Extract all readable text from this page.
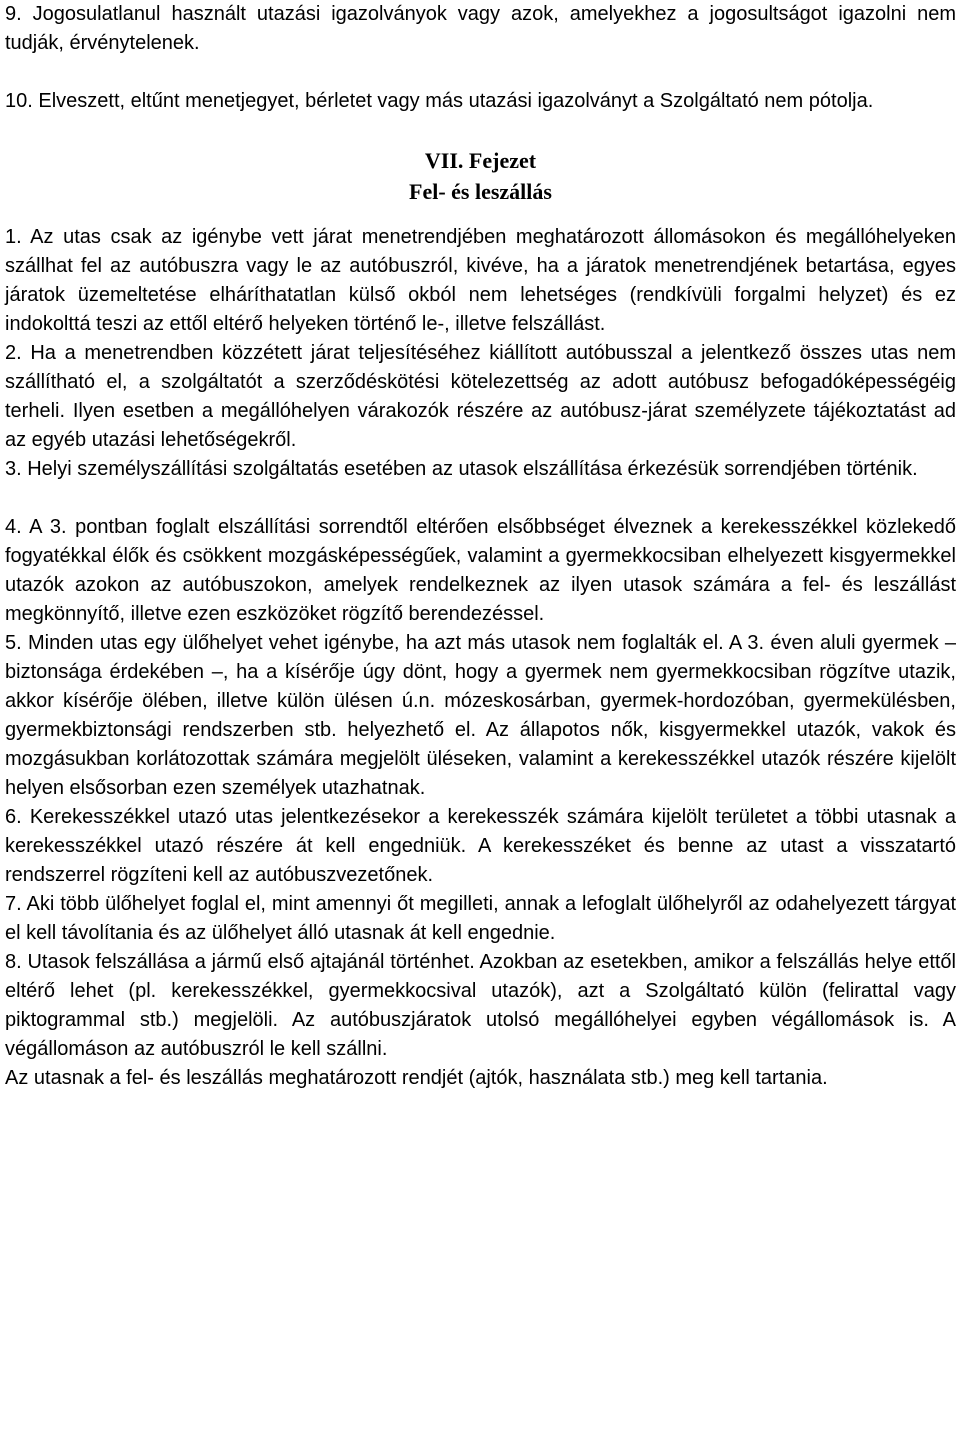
9. Jogosulatlanul használt utazási igazolványok vagy azok, amelyekhez a jogosultságot igazolni nem tudják, érvénytelenek.

10. Elveszett, eltűnt menetjegyet, bérletet vagy más utazási igazolványt a Szolgáltató nem pótolja.

VII. Fejezet

Fel- és leszállás

1. Az utas csak az igénybe vett járat menetrendjében meghatározott állomásokon és megállóhelyeken szállhat fel az autóbuszra vagy le az autóbuszról, kivéve, ha a járatok menetrendjének betartása, egyes járatok üzemeltetése elháríthatatlan külső okból nem lehetséges (rendkívüli forgalmi helyzet) és ez indokolttá teszi az ettől eltérő helyeken történő le-, illetve felszállást.

2. Ha a menetrendben közzétett járat teljesítéséhez kiállított autóbusszal a jelentkező összes utas nem szállítható el, a szolgáltatót a szerződéskötési kötelezettség az adott autóbusz befogadóképességéig terheli. Ilyen esetben a megállóhelyen várakozók részére az autóbusz-járat személyzete tájékoztatást ad az egyéb utazási lehetőségekről.

3. Helyi személyszállítási szolgáltatás esetében az utasok elszállítása érkezésük sorrendjében történik.

4. A 3. pontban foglalt elszállítási sorrendtől eltérően elsőbbséget élveznek a kerekesszékkel közlekedő fogyatékkal élők és csökkent mozgásképességűek, valamint a gyermekkocsiban elhelyezett kisgyermekkel utazók azokon az autóbuszokon, amelyek rendelkeznek az ilyen utasok számára a fel- és leszállást megkönnyítő, illetve ezen eszközöket rögzítő berendezéssel.

5. Minden utas egy ülőhelyet vehet igénybe, ha azt más utasok nem foglalták el. A 3. éven aluli gyermek – biztonsága érdekében –, ha a kísérője úgy dönt, hogy a gyermek nem gyermekkocsiban rögzítve utazik, akkor kísérője ölében, illetve külön ülésen ú.n. mózeskosárban, gyermek-hordozóban, gyermekülésben, gyermekbiztonsági rendszerben stb. helyezhető el. Az állapotos nők, kisgyermekkel utazók, vakok és mozgásukban korlátozottak számára megjelölt üléseken, valamint a kerekesszékkel utazók részére kijelölt helyen elsősorban ezen személyek utazhatnak.

6. Kerekesszékkel utazó utas jelentkezésekor a kerekesszék számára kijelölt területet a többi utasnak a kerekesszékkel utazó részére át kell engedniük. A kerekesszéket és benne az utast a visszatartó rendszerrel rögzíteni kell az autóbuszvezetőnek.

7. Aki több ülőhelyet foglal el, mint amennyi őt megilleti, annak a lefoglalt ülőhelyről az odahelyezett tárgyat el kell távolítania és az ülőhelyet álló utasnak át kell engednie.

8. Utasok felszállása a jármű első ajtajánál történhet. Azokban az esetekben, amikor a felszállás helye ettől eltérő lehet (pl. kerekesszékkel, gyermekkocsival utazók), azt a Szolgáltató külön (felirattal vagy piktogrammal stb.) megjelöli. Az autóbuszjáratok utolsó megállóhelyei egyben végállomások is. A végállomáson az autóbuszról le kell szállni.

Az utasnak a fel- és leszállás meghatározott rendjét (ajtók, használata stb.) meg kell tartania.
